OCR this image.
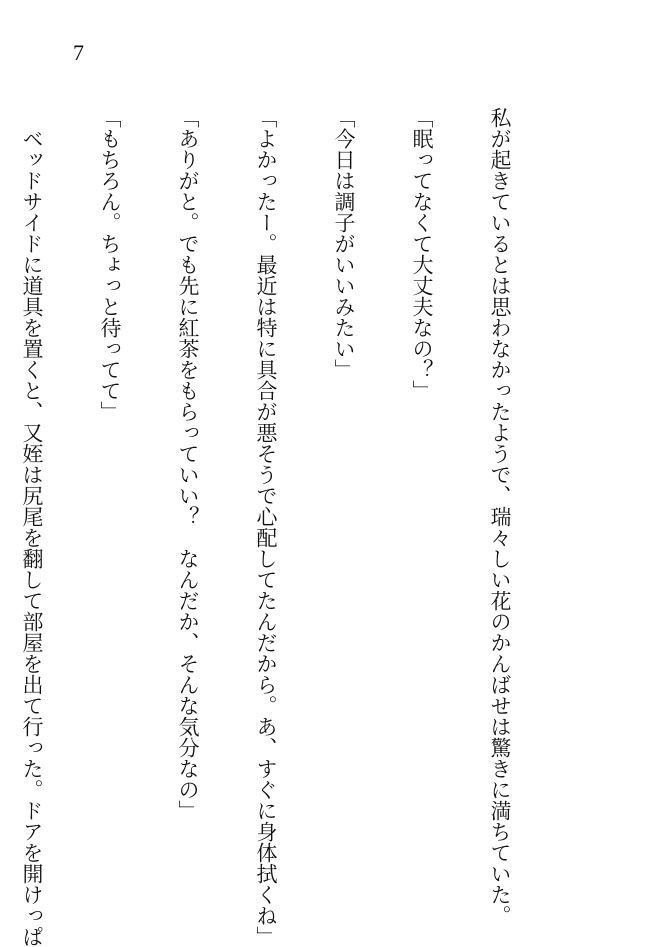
7

私が起きているとは思わなかったようで、瑞々しい花のかんばせは驚きに満ちていた。

「眠ってなくて大丈夫なの？」

「今日は調子がいいみたい」

「よかったー。最近は特に具合が悪そうで心配してたんだから。あ、すぐに身体拭くね」

「ありがと。でも先に紅茶をもらっていい？　なんだか、そんな気分なの」

「もちろん。ちょっと待ってて」

　ベッドサイドに道具を置くと、又姪は尻尾を翻して部屋を出て行った。ドアを開けっぱ
